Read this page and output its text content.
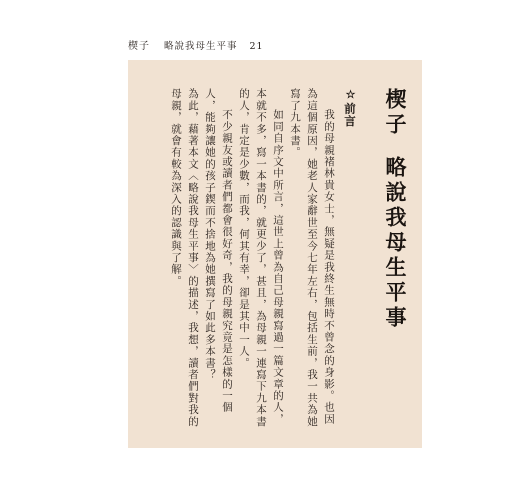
楔子 略說我母生平事 21
楔子略說我母生平事
☆前言

我的母親褚林貴女士，無疑是我終生無時不曾念的身影。也因為這個原因，她老人家辭世至今七年左右，包括生前，我一共為她寫了九本書。

如同自序文中所言，這世上曾為自己母親寫過一篇文章的人，本就不多，寫一本書的，就更少了，甚且，為母親一連寫下九本書的人，肯定是少數，而我，何其有幸，卻是其中一人。

不少親友或讀者們都會很好奇，我的母親究竟是怎樣的一個人，能夠讓她的孩子鍥而不捨地為她撰寫了如此多本書？

為此，藉著本文〈略說我母生平事〉的描述，我想，讀者們對我的母親，就會有較為深入的認識與了解。
